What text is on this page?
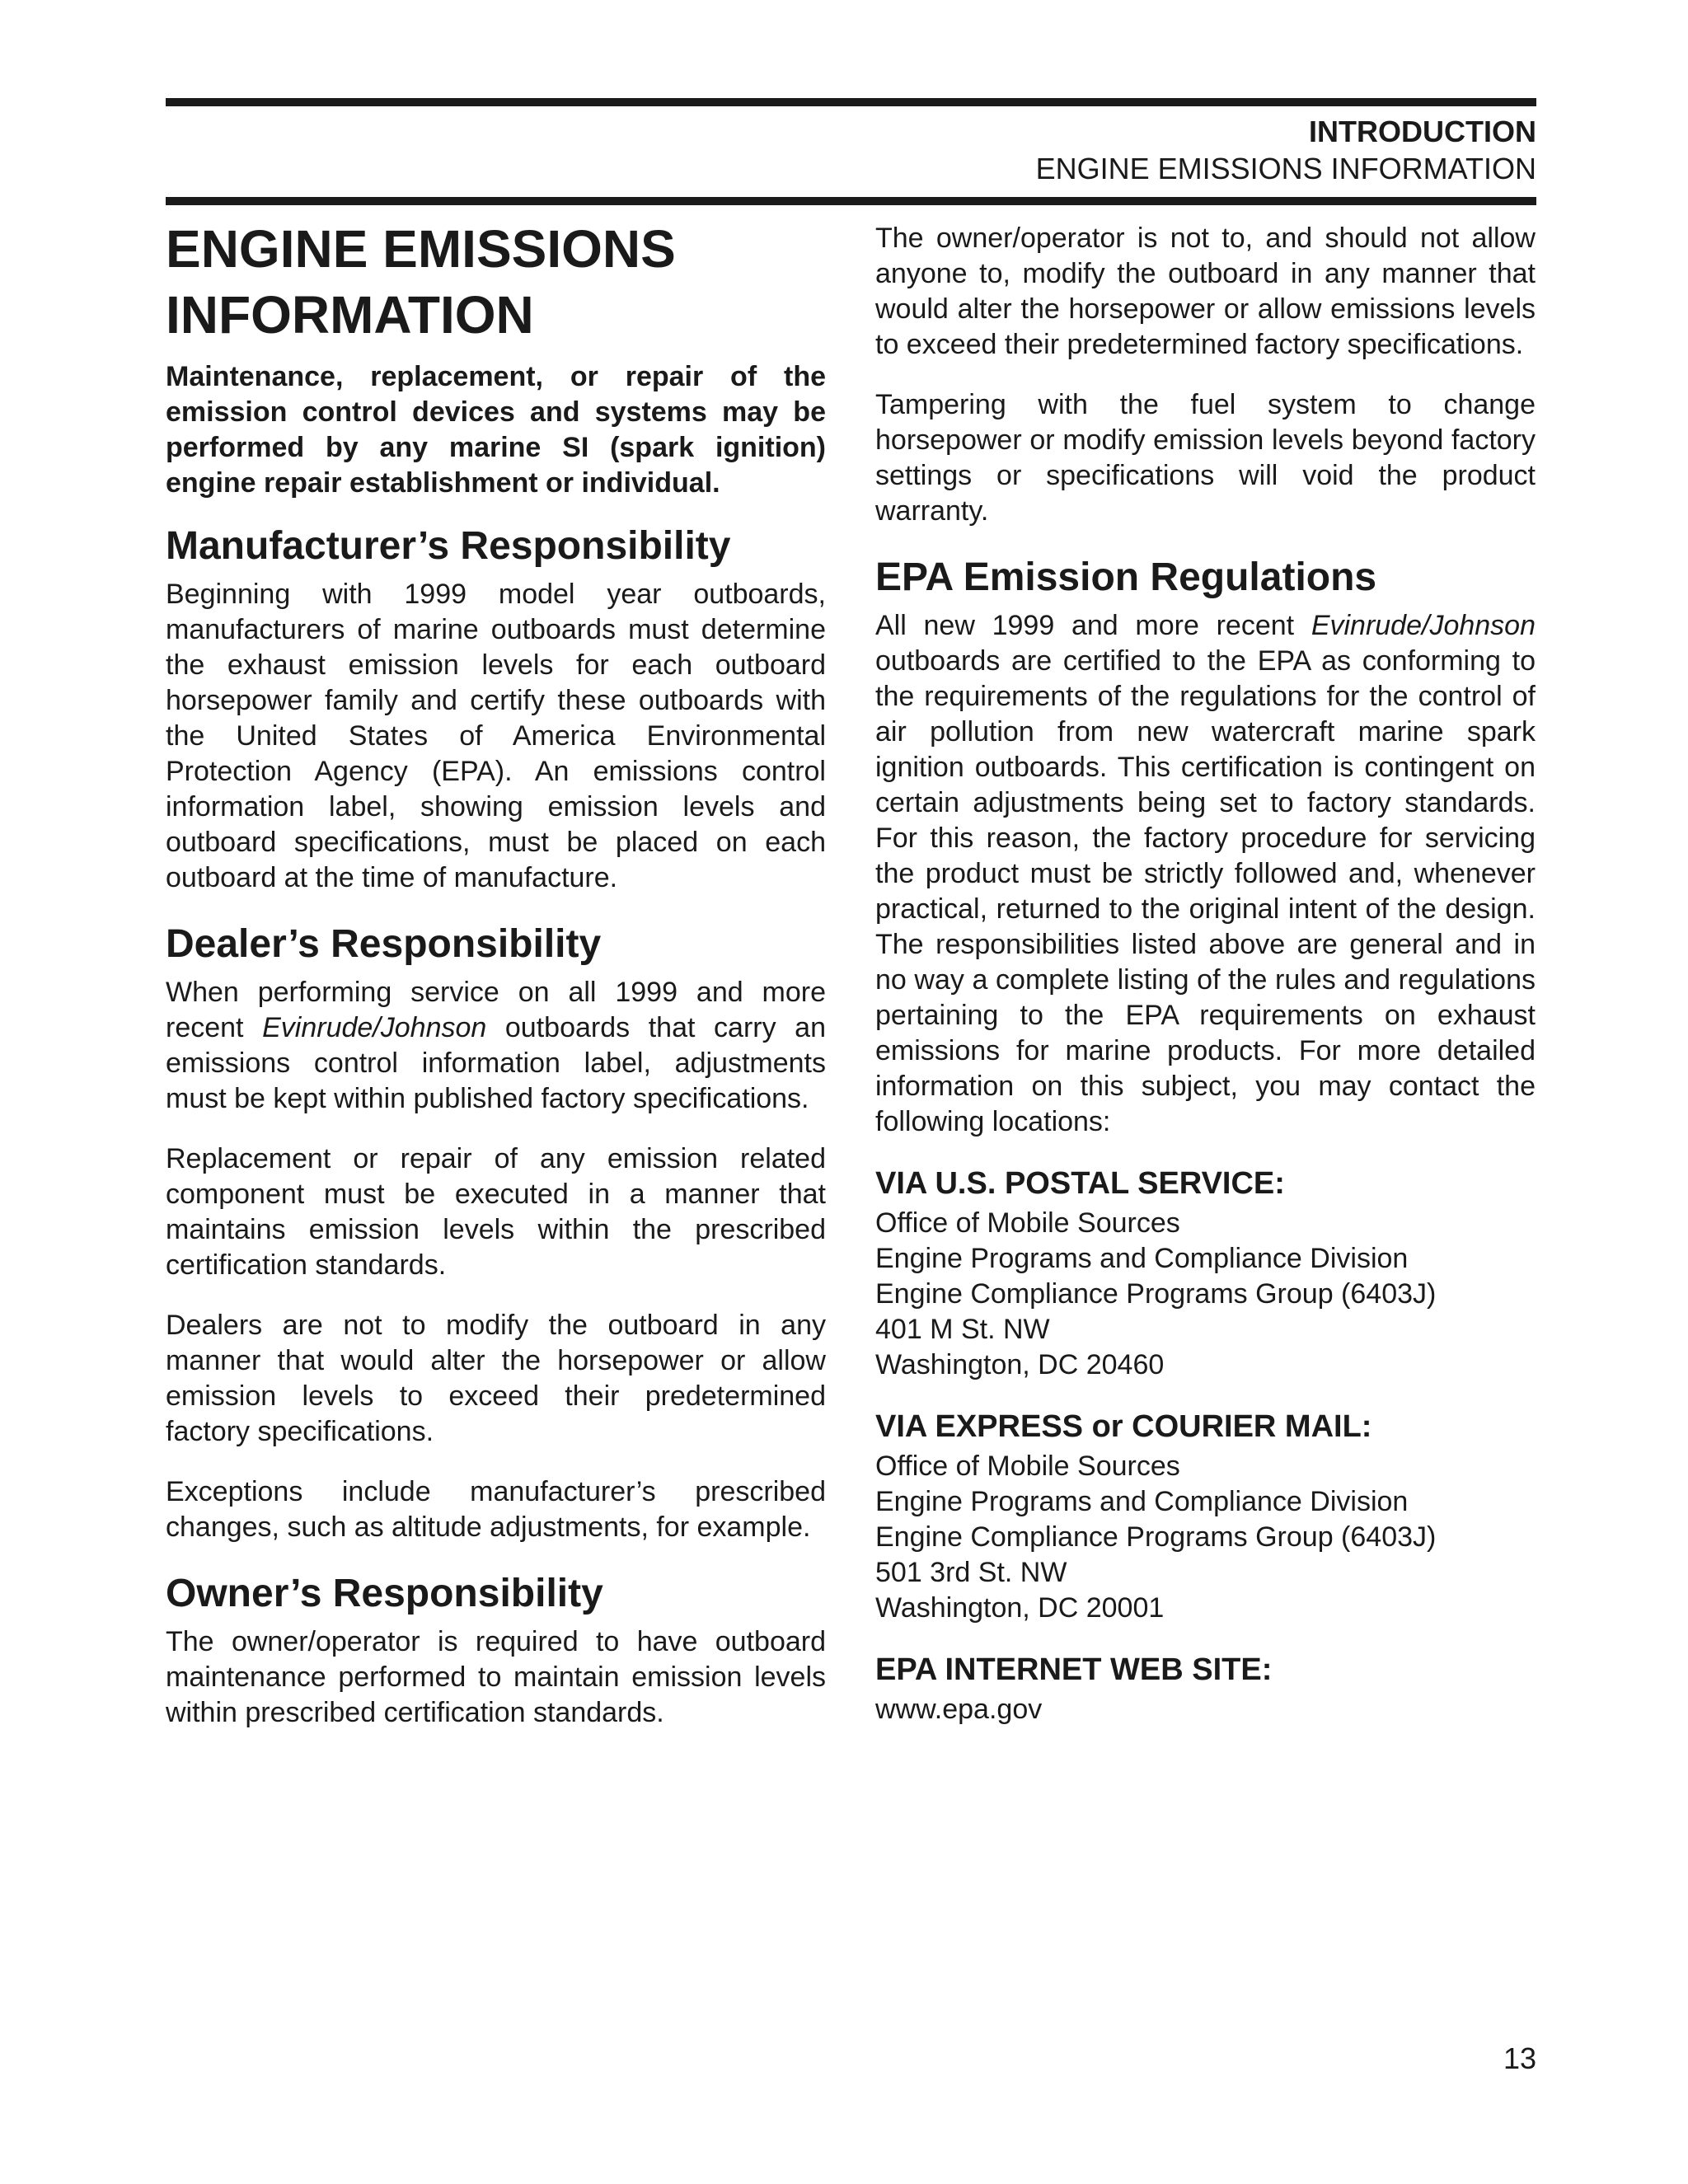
INTRODUCTION
ENGINE EMISSIONS INFORMATION
ENGINE EMISSIONS
INFORMATION

Maintenance, replacement, or repair of the emission control devices and systems may be performed by any marine SI (spark ignition) engine repair establishment or individual.

Manufacturer’s Responsibility

Beginning with 1999 model year outboards, manufacturers of marine outboards must determine the exhaust emission levels for each outboard horsepower family and certify these outboards with the United States of America Environmental Protection Agency (EPA). An emissions control information label, showing emission levels and outboard specifications, must be placed on each outboard at the time of manufacture.

Dealer’s Responsibility

When performing service on all 1999 and more recent Evinrude/Johnson outboards that carry an emissions control information label, adjustments must be kept within published factory specifications.

Replacement or repair of any emission related component must be executed in a manner that maintains emission levels within the prescribed certification standards.

Dealers are not to modify the outboard in any manner that would alter the horsepower or allow emission levels to exceed their predetermined factory specifications.

Exceptions include manufacturer’s prescribed changes, such as altitude adjustments, for example.

Owner’s Responsibility

The owner/operator is required to have outboard maintenance performed to maintain emission levels within prescribed certification standards.

The owner/operator is not to, and should not allow anyone to, modify the outboard in any manner that would alter the horsepower or allow emissions levels to exceed their predetermined factory specifications.

Tampering with the fuel system to change horsepower or modify emission levels beyond factory settings or specifications will void the product warranty.

EPA Emission Regulations

All new 1999 and more recent Evinrude/Johnson outboards are certified to the EPA as conforming to the requirements of the regulations for the control of air pollution from new watercraft marine spark ignition outboards. This certification is contingent on certain adjustments being set to factory standards. For this reason, the factory procedure for servicing the product must be strictly followed and, whenever practical, returned to the original intent of the design. The responsibilities listed above are general and in no way a complete listing of the rules and regulations pertaining to the EPA requirements on exhaust emissions for marine products. For more detailed information on this subject, you may contact the following locations:

VIA U.S. POSTAL SERVICE:
Office of Mobile Sources
Engine Programs and Compliance Division
Engine Compliance Programs Group (6403J)
401 M St. NW
Washington, DC 20460
VIA EXPRESS or COURIER MAIL:
Office of Mobile Sources
Engine Programs and Compliance Division
Engine Compliance Programs Group (6403J)
501 3rd St. NW
Washington, DC 20001
EPA INTERNET WEB SITE:
www.epa.gov
13
